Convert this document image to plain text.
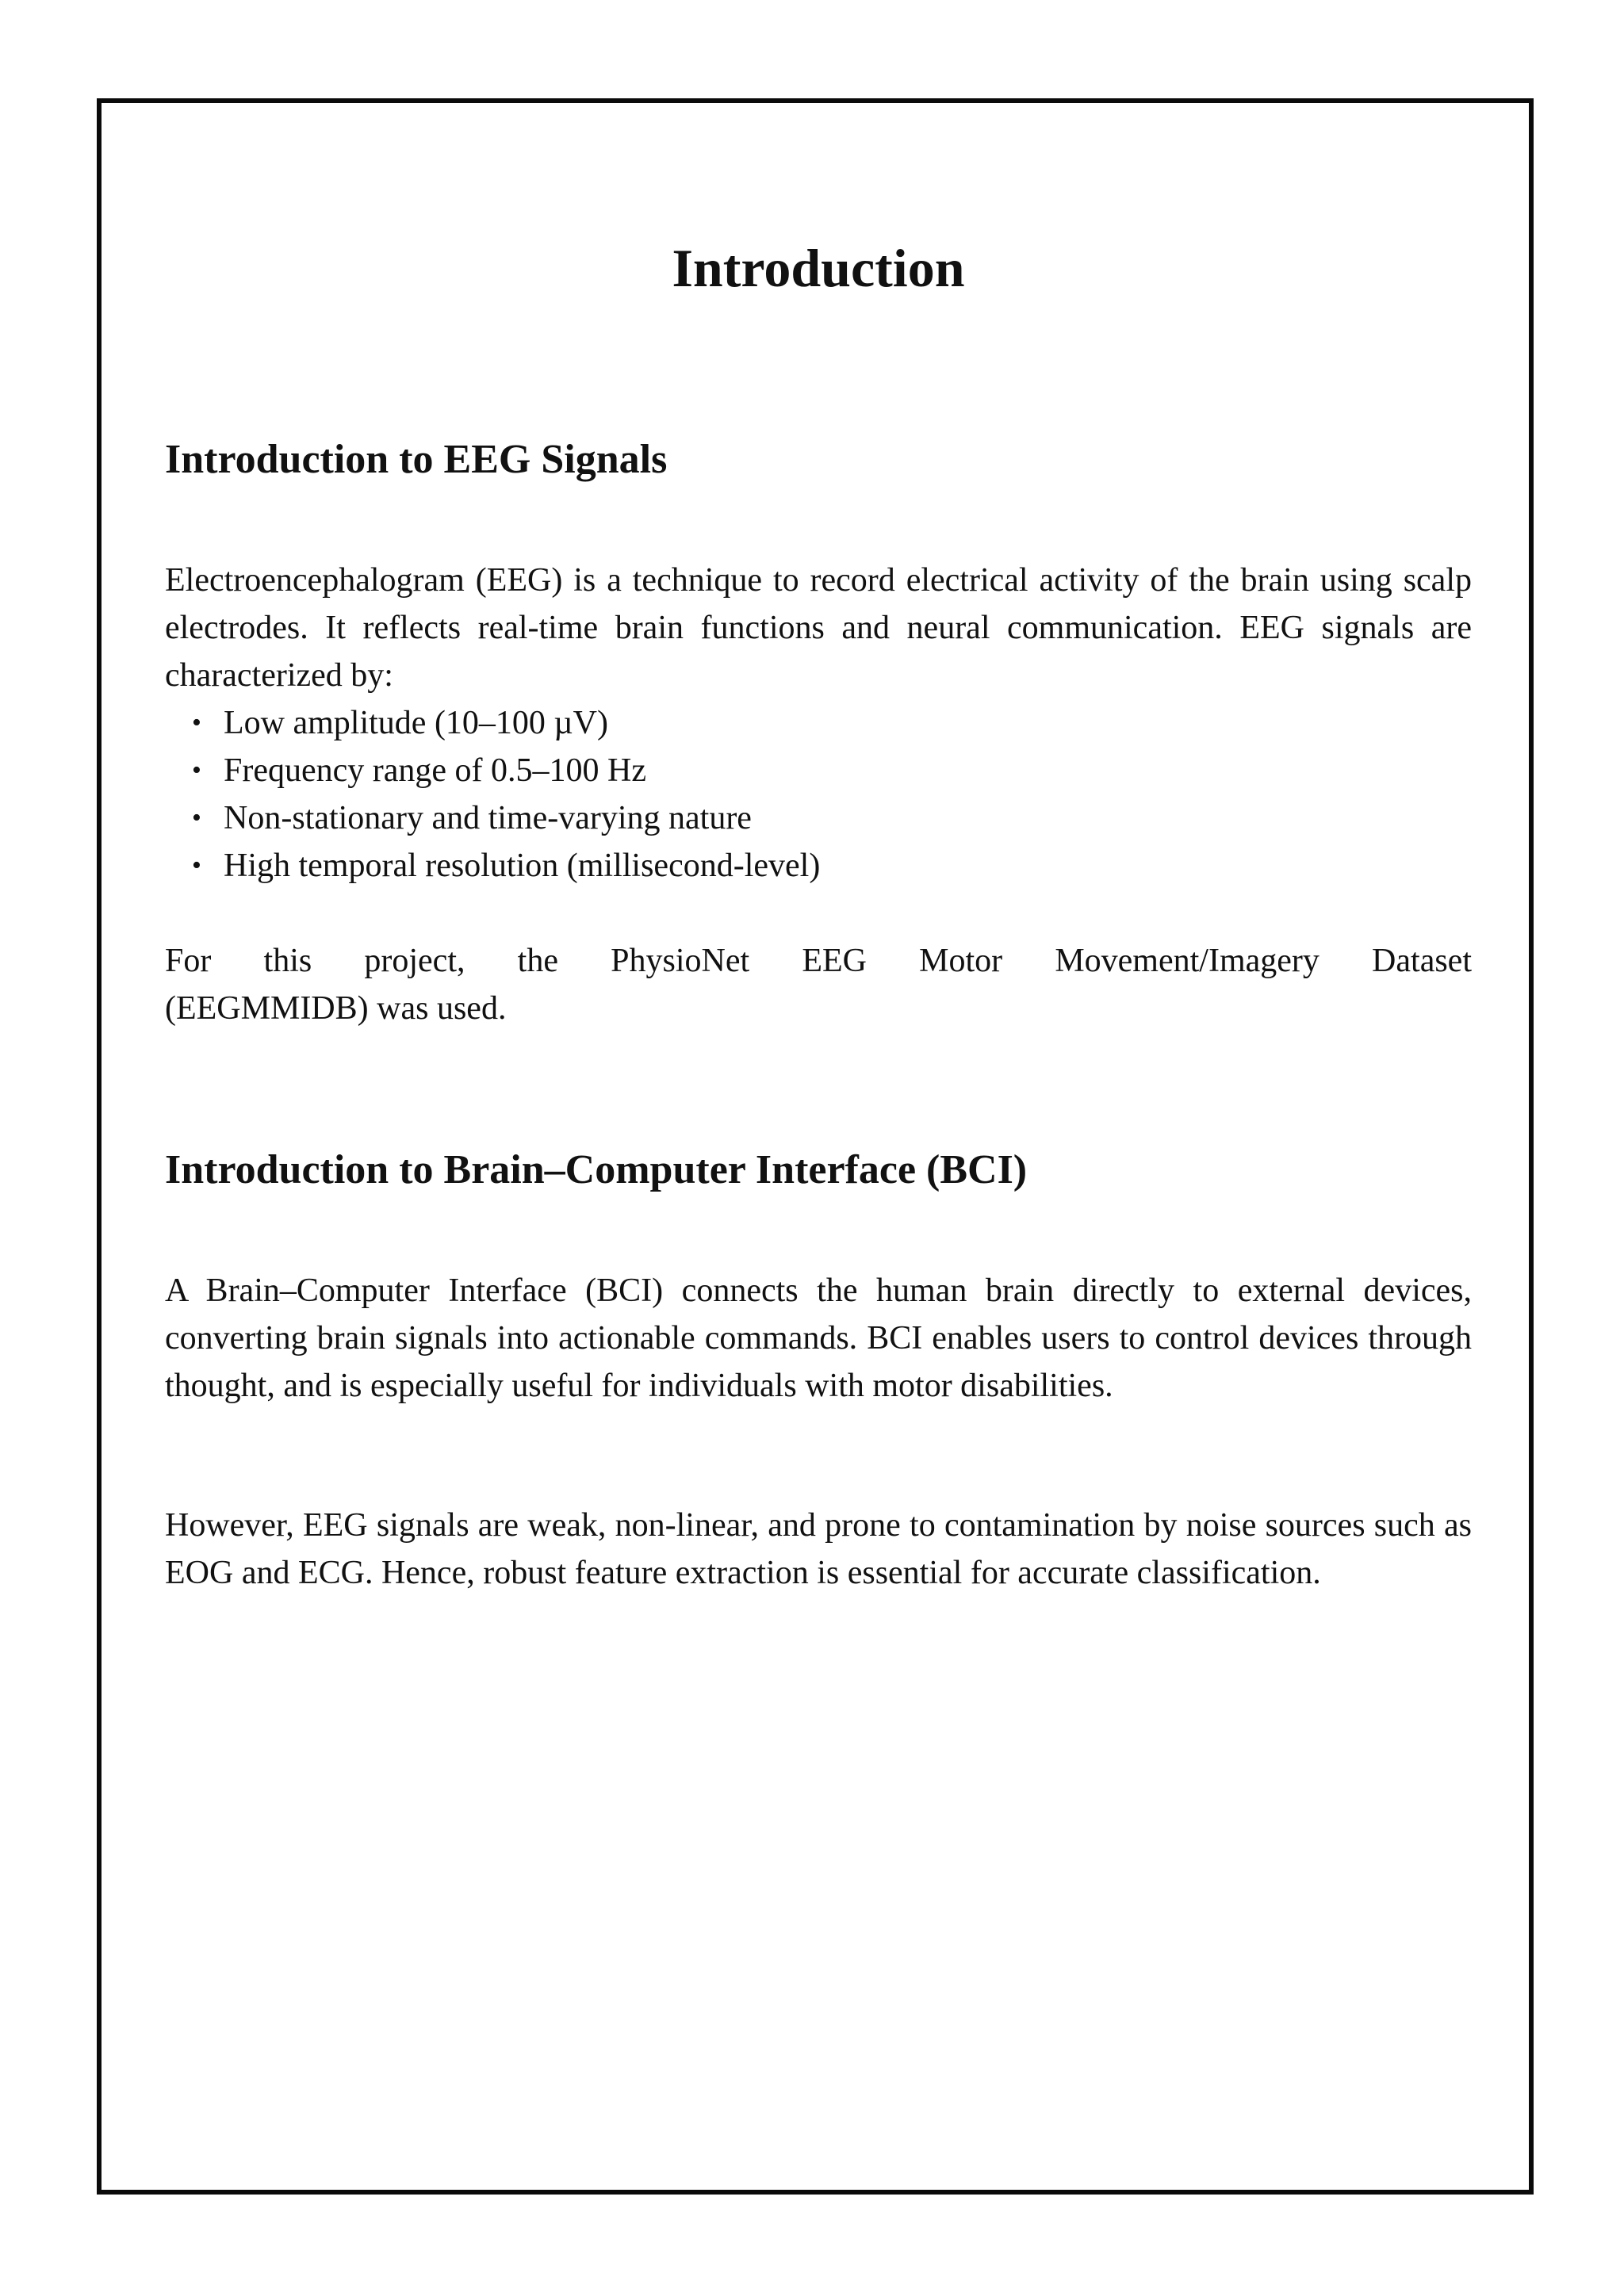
Introduction
Introduction to EEG Signals

Electroencephalogram (EEG) is a technique to record electrical activity of the brain using scalp electrodes. It reflects real-time brain functions and neural communication. EEG signals are characterized by:

• Low amplitude (10–100 µV)
• Frequency range of 0.5–100 Hz
• Non-stationary and time-varying nature
• High temporal resolution (millisecond-level)

For this project, the PhysioNet EEG Motor Movement/Imagery Dataset

(EEGMMIDB) was used.

Introduction to Brain–Computer Interface (BCI)

A Brain–Computer Interface (BCI) connects the human brain directly to external devices, converting brain signals into actionable commands. BCI enables users to control devices through thought, and is especially useful for individuals with motor disabilities.

However, EEG signals are weak, non-linear, and prone to contamination by noise sources such as EOG and ECG. Hence, robust feature extraction is essential for accurate classification.
